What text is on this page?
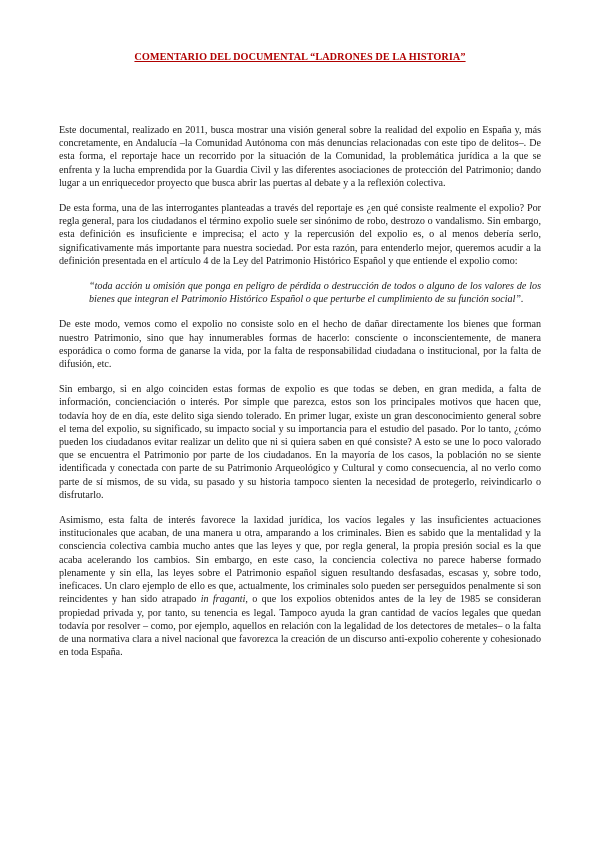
COMENTARIO DEL DOCUMENTAL “LADRONES DE LA HISTORIA”

Este documental, realizado en 2011, busca mostrar una visión general sobre la realidad del expolio en España y, más concretamente, en Andalucía –la Comunidad Autónoma con más denuncias relacionadas con este tipo de delitos–. De esta forma, el reportaje hace un recorrido por la situación de la Comunidad, la problemática jurídica a la que se enfrenta y la lucha emprendida por la Guardia Civil y las diferentes asociaciones de protección del Patrimonio; dando lugar a un enriquecedor proyecto que busca abrir las puertas al debate y a la reflexión colectiva.

De esta forma, una de las interrogantes planteadas a través del reportaje es ¿en qué consiste realmente el expolio? Por regla general, para los ciudadanos el término expolio suele ser sinónimo de robo, destrozo o vandalismo. Sin embargo, esta definición es insuficiente e imprecisa; el acto y la repercusión del expolio es, o al menos debería serlo, significativamente más importante para nuestra sociedad. Por esta razón, para entenderlo mejor, queremos acudir a la definición presentada en el artículo 4 de la Ley del Patrimonio Histórico Español y que entiende el expolio como:

“toda acción u omisión que ponga en peligro de pérdida o destrucción de todos o alguno de los valores de los bienes que integran el Patrimonio Histórico Español o que perturbe el cumplimiento de su función social”.

De este modo, vemos como el expolio no consiste solo en el hecho de dañar directamente los bienes que forman nuestro Patrimonio, sino que hay innumerables formas de hacerlo: consciente o inconscientemente, de manera esporádica o como forma de ganarse la vida, por la falta de responsabilidad ciudadana o institucional, por la falta de difusión, etc.

Sin embargo, si en algo coinciden estas formas de expolio es que todas se deben, en gran medida, a falta de información, concienciación o interés. Por simple que parezca, estos son los principales motivos que hacen que, todavía hoy de en día, este delito siga siendo tolerado. En primer lugar, existe un gran desconocimiento general sobre el tema del expolio, su significado, su impacto social y su importancia para el estudio del pasado. Por lo tanto, ¿cómo pueden los ciudadanos evitar realizar un delito que ni si quiera saben en qué consiste? A esto se une lo poco valorado que se encuentra el Patrimonio por parte de los ciudadanos. En la mayoría de los casos, la población no se siente identificada y conectada con parte de su Patrimonio Arqueológico y Cultural y como consecuencia, al no verlo como parte de sí mismos, de su vida, su pasado y su historia tampoco sienten la necesidad de protegerlo, reivindicarlo o disfrutarlo.

Asimismo, esta falta de interés favorece la laxidad jurídica, los vacíos legales y las insuficientes actuaciones institucionales que acaban, de una manera u otra, amparando a los criminales. Bien es sabido que la mentalidad y la consciencia colectiva cambia mucho antes que las leyes y que, por regla general, la propia presión social es la que acaba acelerando los cambios. Sin embargo, en este caso, la conciencia colectiva no parece haberse formado plenamente y sin ella, las leyes sobre el Patrimonio español siguen resultando desfasadas, escasas y, sobre todo, ineficaces. Un claro ejemplo de ello es que, actualmente, los criminales solo pueden ser perseguidos penalmente si son reincidentes y han sido atrapado in fraganti, o que los expolios obtenidos antes de la ley de 1985 se consideran propiedad privada y, por tanto, su tenencia es legal. Tampoco ayuda la gran cantidad de vacíos legales que quedan todavía por resolver – como, por ejemplo, aquellos en relación con la legalidad de los detectores de metales– o la falta de una normativa clara a nivel nacional que favorezca la creación de un discurso anti-expolio coherente y cohesionado en toda España.
